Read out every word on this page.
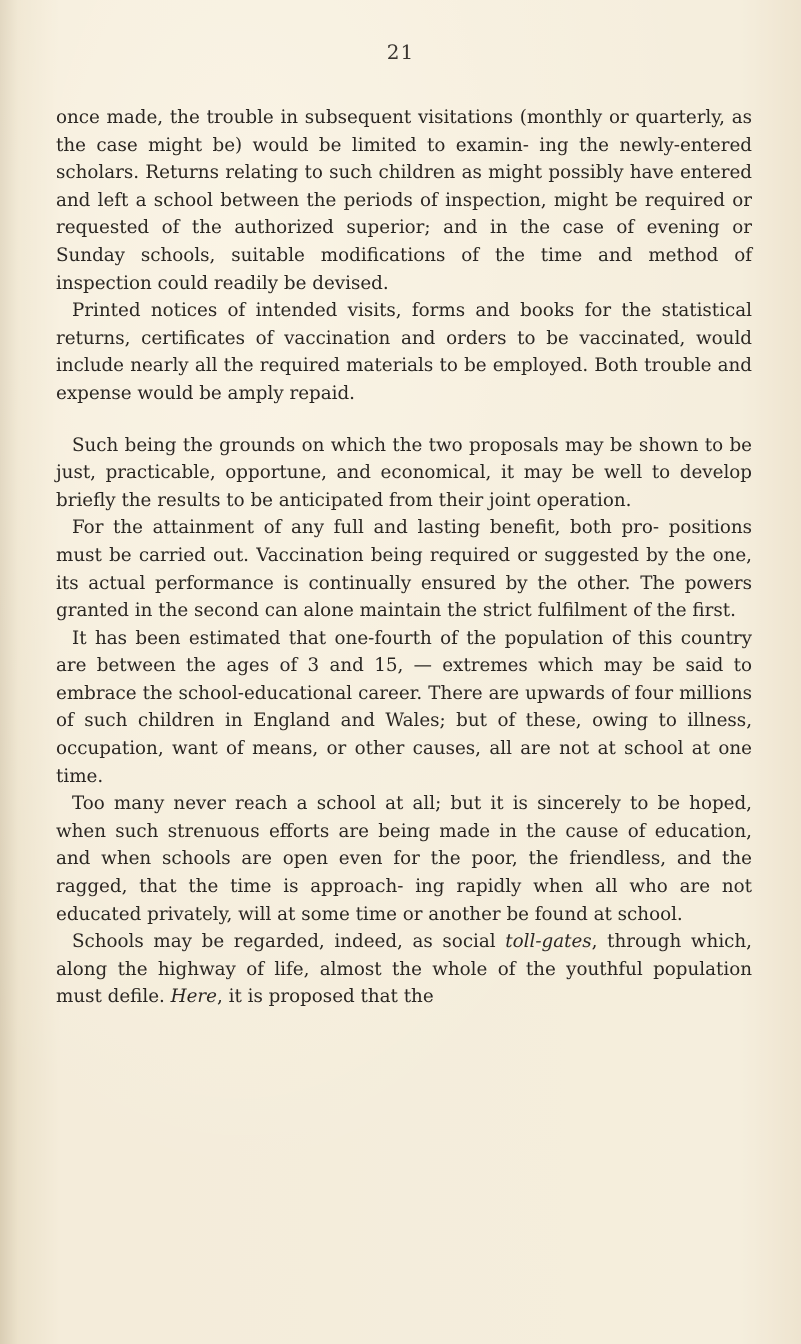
21

once made, the trouble in subsequent visitations (monthly or quarterly, as the case might be) would be limited to examin- ing the newly-entered scholars. Returns relating to such children as might possibly have entered and left a school between the periods of inspection, might be required or requested of the authorized superior; and in the case of evening or Sunday schools, suitable modifications of the time and method of inspection could readily be devised.

Printed notices of intended visits, forms and books for the statistical returns, certificates of vaccination and orders to be vaccinated, would include nearly all the required materials to be employed. Both trouble and expense would be amply repaid.

Such being the grounds on which the two proposals may be shown to be just, practicable, opportune, and economical, it may be well to develop briefly the results to be anticipated from their joint operation.

For the attainment of any full and lasting benefit, both pro- positions must be carried out. Vaccination being required or suggested by the one, its actual performance is continually ensured by the other. The powers granted in the second can alone maintain the strict fulfilment of the first.

It has been estimated that one-fourth of the population of this country are between the ages of 3 and 15, — extremes which may be said to embrace the school-educational career. There are upwards of four millions of such children in England and Wales; but of these, owing to illness, occupation, want of means, or other causes, all are not at school at one time.

Too many never reach a school at all; but it is sincerely to be hoped, when such strenuous efforts are being made in the cause of education, and when schools are open even for the poor, the friendless, and the ragged, that the time is approach- ing rapidly when all who are not educated privately, will at some time or another be found at school.

Schools may be regarded, indeed, as social toll-gates, through which, along the highway of life, almost the whole of the youthful population must defile. Here, it is proposed that the
